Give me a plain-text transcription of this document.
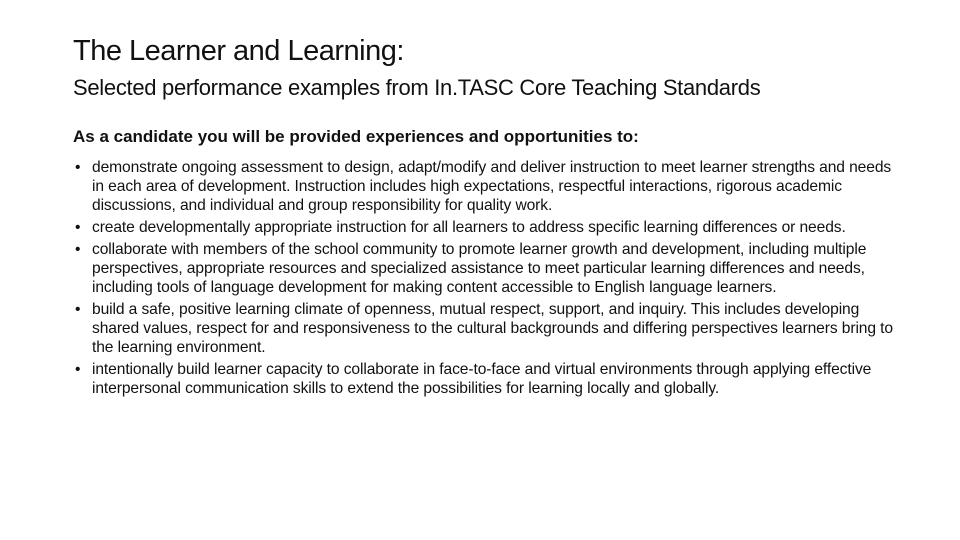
The Learner and Learning:
Selected performance examples from In.TASC Core Teaching Standards

As a candidate you will be provided experiences and opportunities to:

• demonstrate ongoing assessment to design, adapt/modify and deliver instruction to meet learner strengths and needs in each area of development. Instruction includes high expectations, respectful interactions, rigorous academic discussions, and individual and group responsibility for quality work.
• create developmentally appropriate instruction for all learners to address specific learning differences or needs.
• collaborate with members of the school community to promote learner growth and development, including multiple perspectives, appropriate resources and specialized assistance to meet particular learning differences and needs, including tools of language development for making content accessible to English language learners.
• build a safe, positive learning climate of openness, mutual respect, support, and inquiry. This includes developing shared values, respect for and responsiveness to the cultural backgrounds and differing perspectives learners bring to the learning environment.
• intentionally build learner capacity to collaborate in face-to-face and virtual environments through applying effective interpersonal communication skills to extend the possibilities for learning locally and globally.
